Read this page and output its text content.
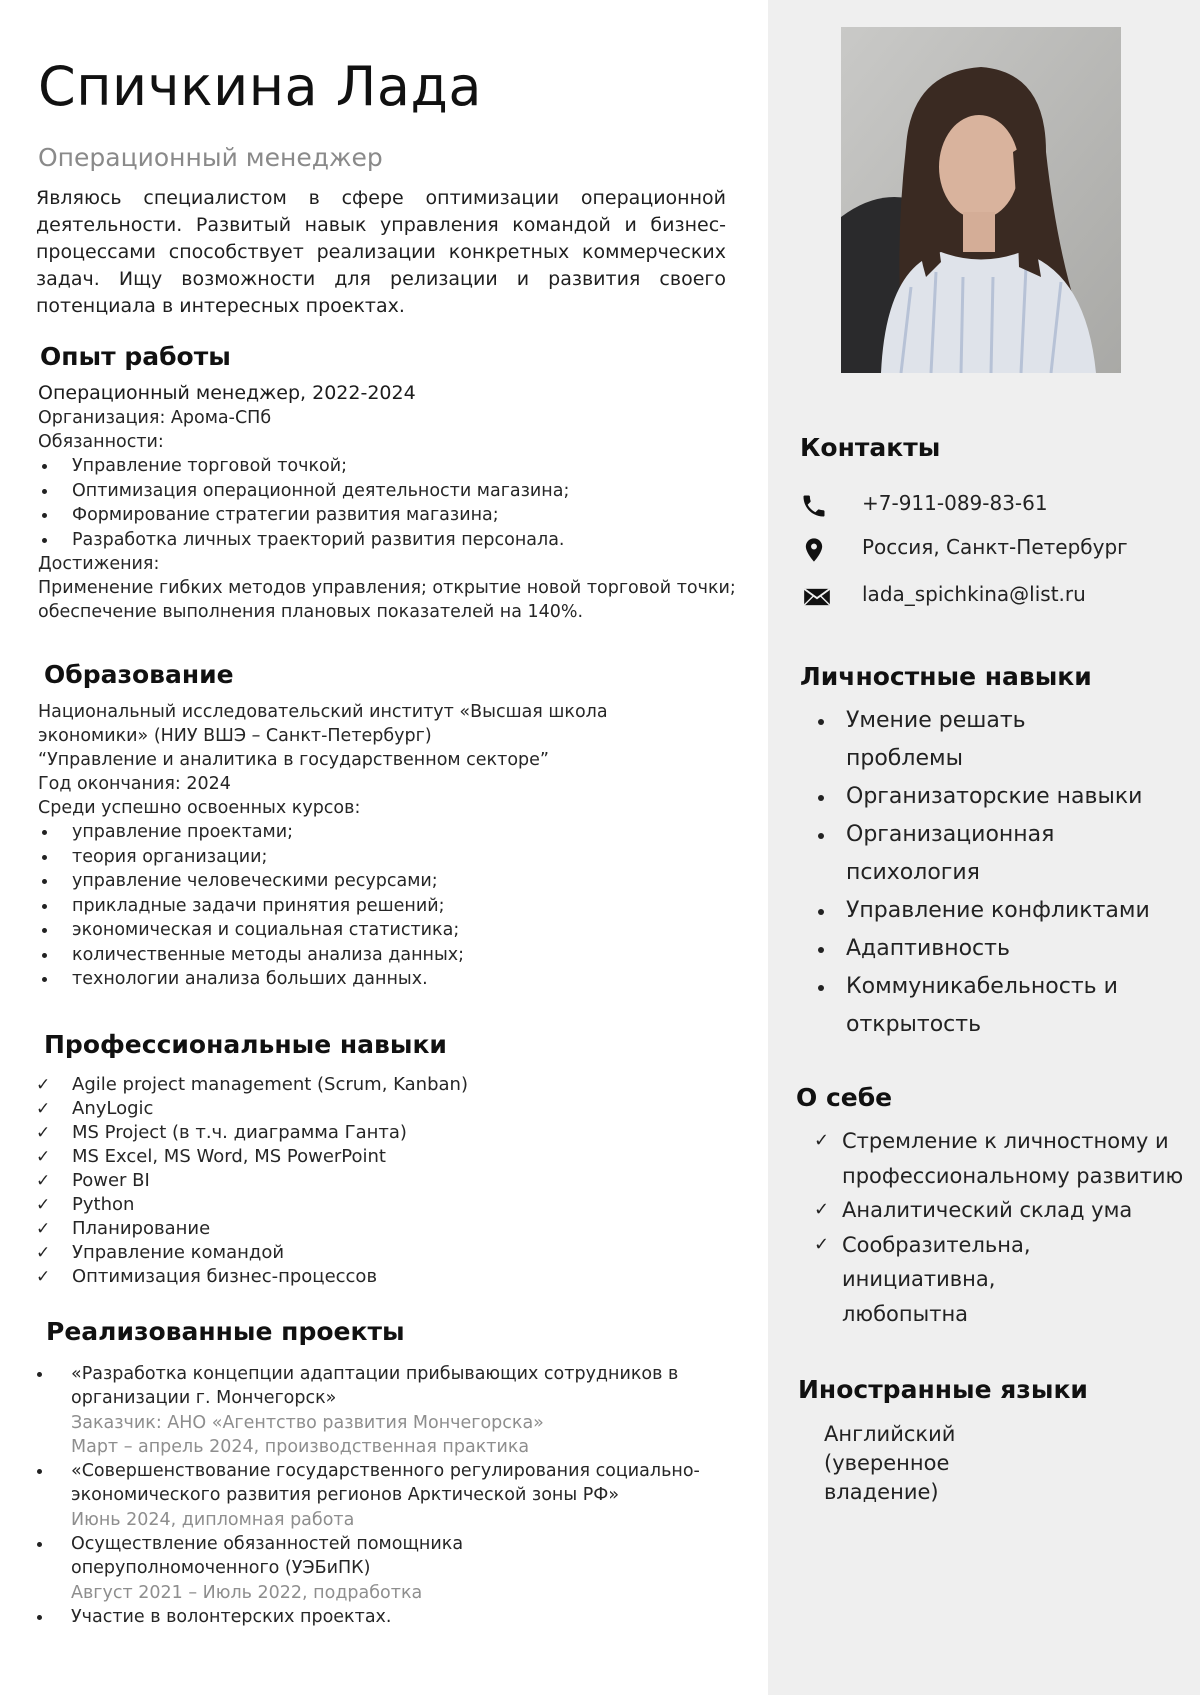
Спичкина Лада
Операционный менеджер
Являюсь специалистом в сфере оптимизации операционной деятельности. Развитый навык управления командой и бизнес-процессами способствует реализации конкретных коммерческих задач. Ищу возможности для релизации и развития своего потенциала в интересных проектах.
Опыт работы
Операционный менеджер, 2022-2024
Организация: Арома-СПб
Обязанности:
Управление торговой точкой;
Оптимизация операционной деятельности магазина;
Формирование стратегии развития магазина;
Разработка личных траекторий развития персонала.
Достижения:
Применение гибких методов управления; открытие новой торговой точки; обеспечение выполнения плановых показателей на 140%.
Образование
Национальный исследовательский институт «Высшая школа экономики» (НИУ ВШЭ – Санкт-Петербург)
“Управление и аналитика в государственном секторе”
Год окончания: 2024
Среди успешно освоенных курсов:
управление проектами;
теория организации;
управление человеческими ресурсами;
прикладные задачи принятия решений;
экономическая и социальная статистика;
количественные методы анализа данных;
технологии анализа больших данных.
Профессиональные навыки
✓ Agile project management (Scrum, Kanban)
✓ AnyLogic
✓ MS Project (в т.ч. диаграмма Ганта)
✓ MS Excel, MS Word, MS PowerPoint
✓ Power BI
✓ Python
✓ Планирование
✓ Управление командой
✓ Оптимизация бизнес-процессов
Реализованные проекты
«Разработка концепции адаптации прибывающих сотрудников в организации г. Мончегорск»
Заказчик: АНО «Агентство развития Мончегорска»
Март – апрель 2024, производственная практика
«Совершенствование государственного регулирования социально-экономического развития регионов Арктической зоны РФ»
Июнь 2024, дипломная работа
Осуществление обязанностей помощника оперуполномоченного (УЭБиПК)
Август 2021 – Июль 2022, подработка
Участие в волонтерских проектах.
Контакты
+7-911-089-83-61
Россия, Санкт-Петербург
lada_spichkina@list.ru
Личностные навыки
Умение решать проблемы
Организаторские навыки
Организационная психология
Управление конфликтами
Адаптивность
Коммуникабельность и открытость
О себе
✓ Стремление к личностному и профессиональному развитию
✓ Аналитический склад ума
✓ Сообразительна, инициативна, любопытна
Иностранные языки
Английский (уверенное владение)
